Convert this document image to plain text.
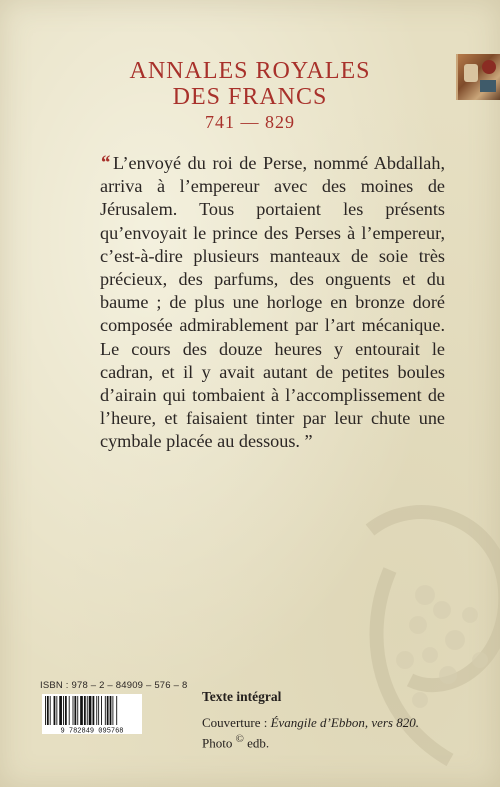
ANNALES ROYALES
DES FRANCS
741 — 829
“ L’envoyé du roi de Perse, nommé Abdallah, arriva à l’empereur avec des moines de Jérusalem. Tous portaient les présents qu’envoyait le prince des Perses à l’empereur, c’est-à-dire plusieurs manteaux de soie très précieux, des parfums, des onguents et du baume ; de plus une horloge en bronze doré composée admirablement par l’art mécanique. Le cours des douze heures y entourait le cadran, et il y avait autant de petites boules d’airain qui tombaient à l’accomplissement de l’heure, et faisaient tinter par leur chute une cymbale placée au dessous. ”
ISBN : 978 – 2 – 84909 – 576 – 8
9 782849 095768
Texte intégral
Couverture : Évangile d’Ebbon, vers 820.
Photo © edb.
